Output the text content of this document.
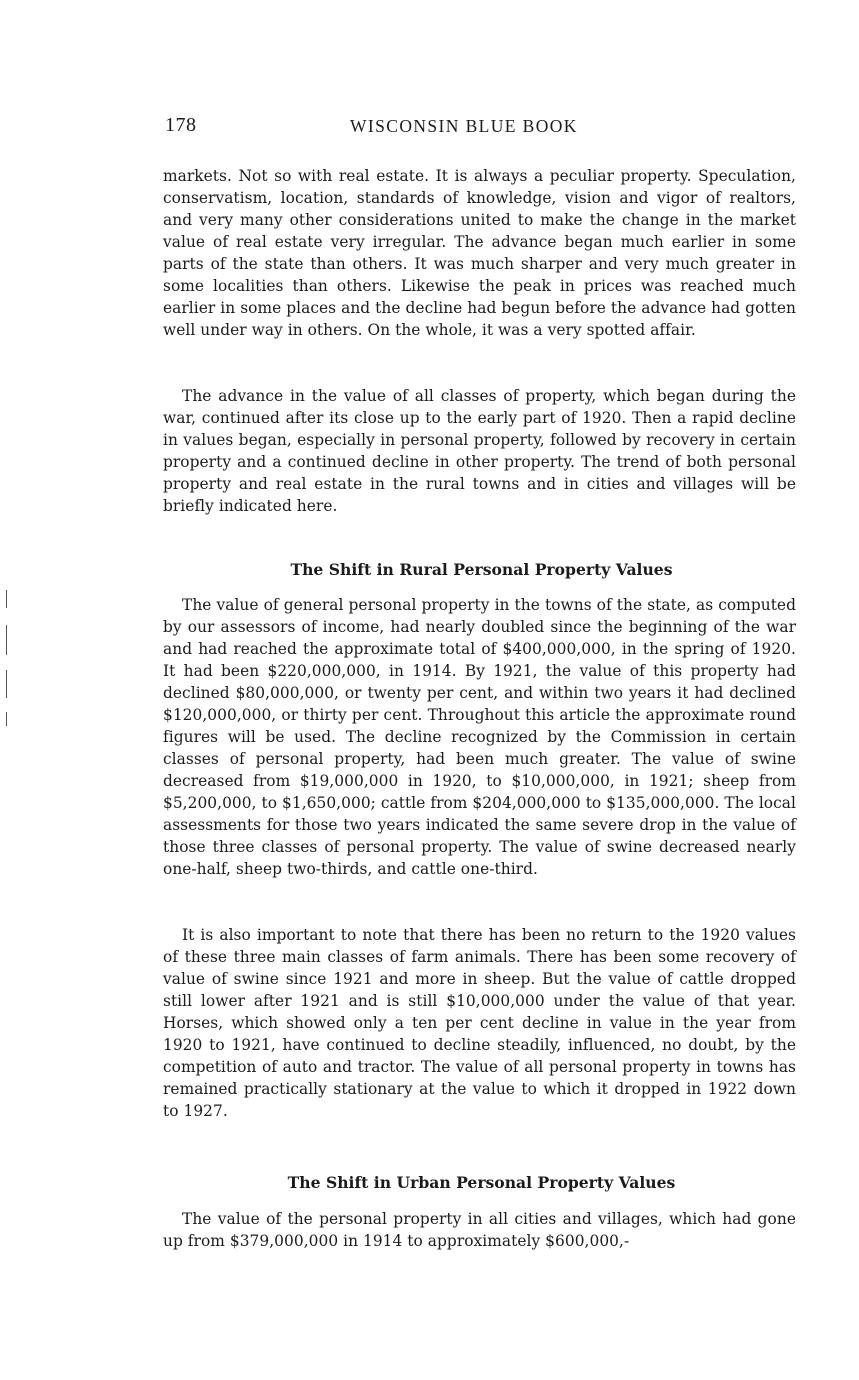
178	WISCONSIN BLUE BOOK

markets. Not so with real estate. It is always a peculiar property. Speculation, conservatism, location, standards of knowledge, vision and vigor of realtors, and very many other considerations united to make the change in the market value of real estate very irregular. The advance began much earlier in some parts of the state than others. It was much sharper and very much greater in some localities than others. Likewise the peak in prices was reached much earlier in some places and the decline had begun before the advance had gotten well under way in others. On the whole, it was a very spotted affair.

The advance in the value of all classes of property, which began during the war, continued after its close up to the early part of 1920. Then a rapid decline in values began, especially in personal property, followed by recovery in certain property and a continued decline in other property. The trend of both personal property and real estate in the rural towns and in cities and villages will be briefly indicated here.

The Shift in Rural Personal Property Values

The value of general personal property in the towns of the state, as computed by our assessors of income, had nearly doubled since the beginning of the war and had reached the approximate total of $400,000,000, in the spring of 1920. It had been $220,000,000, in 1914. By 1921, the value of this property had declined $80,000,000, or twenty per cent, and within two years it had declined $120,000,000, or thirty per cent. Throughout this article the approximate round figures will be used. The decline recognized by the Commission in certain classes of personal property, had been much greater. The value of swine decreased from $19,000,000 in 1920, to $10,000,000, in 1921; sheep from $5,200,000, to $1,650,000; cattle from $204,000,000 to $135,000,000. The local assessments for those two years indicated the same severe drop in the value of those three classes of personal property. The value of swine decreased nearly one-half, sheep two-thirds, and cattle one-third.

It is also important to note that there has been no return to the 1920 values of these three main classes of farm animals. There has been some recovery of value of swine since 1921 and more in sheep. But the value of cattle dropped still lower after 1921 and is still $10,000,000 under the value of that year. Horses, which showed only a ten per cent decline in value in the year from 1920 to 1921, have continued to decline steadily, influenced, no doubt, by the competition of auto and tractor. The value of all personal property in towns has remained practically stationary at the value to which it dropped in 1922 down to 1927.

The Shift in Urban Personal Property Values

The value of the personal property in all cities and villages, which had gone up from $379,000,000 in 1914 to approximately $600,000,-
